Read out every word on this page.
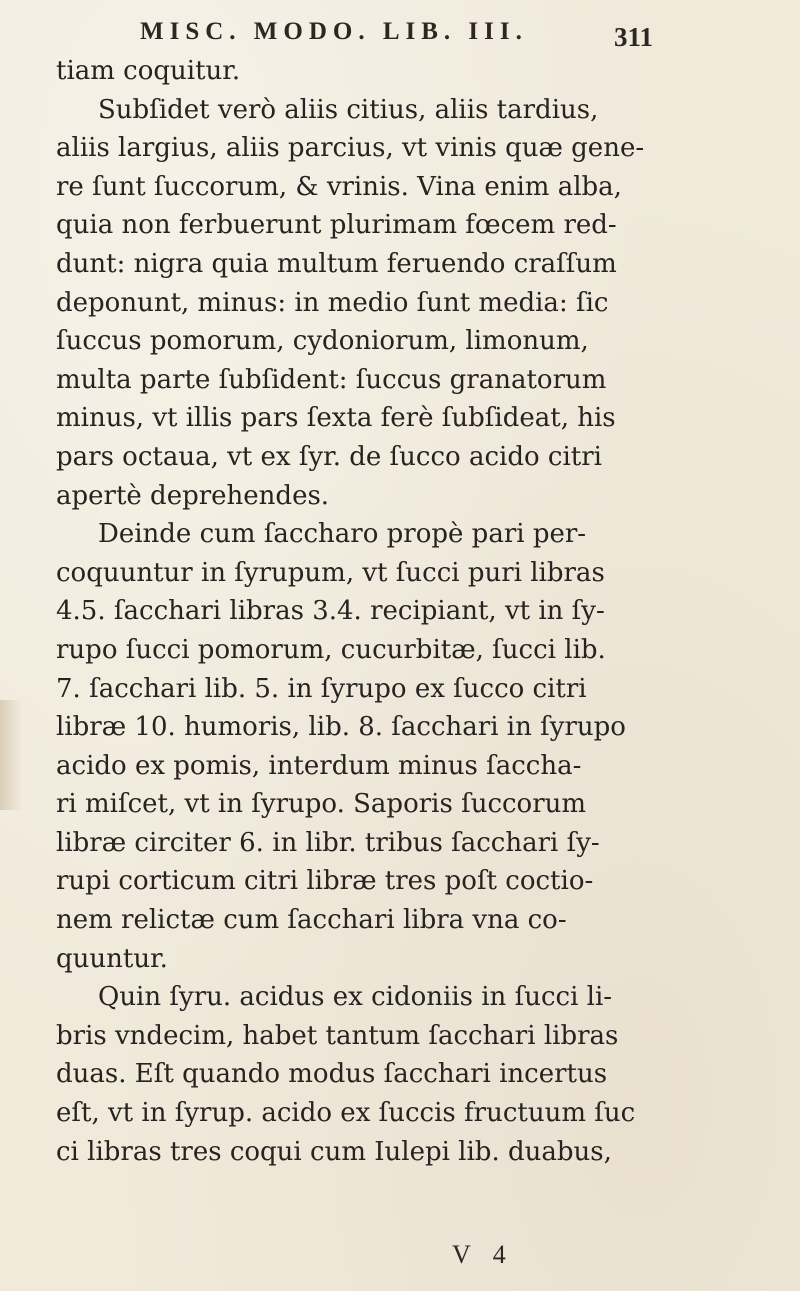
MISC. MODO. LIB. III.	311
tiam coquitur.
Subſidet verò aliis citius, aliis tardius,
aliis largius, aliis parcius, vt vinis quæ gene-
re ſunt ſuccorum, & vrinis. Vina enim alba,
quia non ferbuerunt plurimam fœcem red-
dunt: nigra quia multum feruendo craſſum
deponunt, minus: in medio ſunt media: ſic
ſuccus pomorum, cydoniorum, limonum,
multa parte ſubſident: ſuccus granatorum
minus, vt illis pars ſexta ferè ſubſideat, his
pars octaua, vt ex ſyr. de ſucco acido citri
apertè deprehendes.
Deinde cum ſaccharo propè pari per-
coquuntur in ſyrupum, vt ſucci puri libras
4.5. ſacchari libras 3.4. recipiant, vt in ſy-
rupo ſucci pomorum, cucurbitæ, ſucci lib.
7. ſacchari lib. 5. in ſyrupo ex ſucco citri
libræ 10. humoris, lib. 8. ſacchari in ſyrupo
acido ex pomis, interdum minus ſaccha-
ri miſcet, vt in ſyrupo. Saporis ſuccorum
libræ circiter 6. in libr. tribus ſacchari ſy-
rupi corticum citri libræ tres poſt coctio-
nem relictæ cum ſacchari libra vna co-
quuntur.
Quin ſyru. acidus ex cidoniis in ſucci li-
bris vndecim, habet tantum ſacchari libras
duas. Eſt quando modus ſacchari incertus
eſt, vt in ſyrup. acido ex ſuccis fructuum ſuc
ci libras tres coqui cum Iulepi lib. duabus,
V 4
